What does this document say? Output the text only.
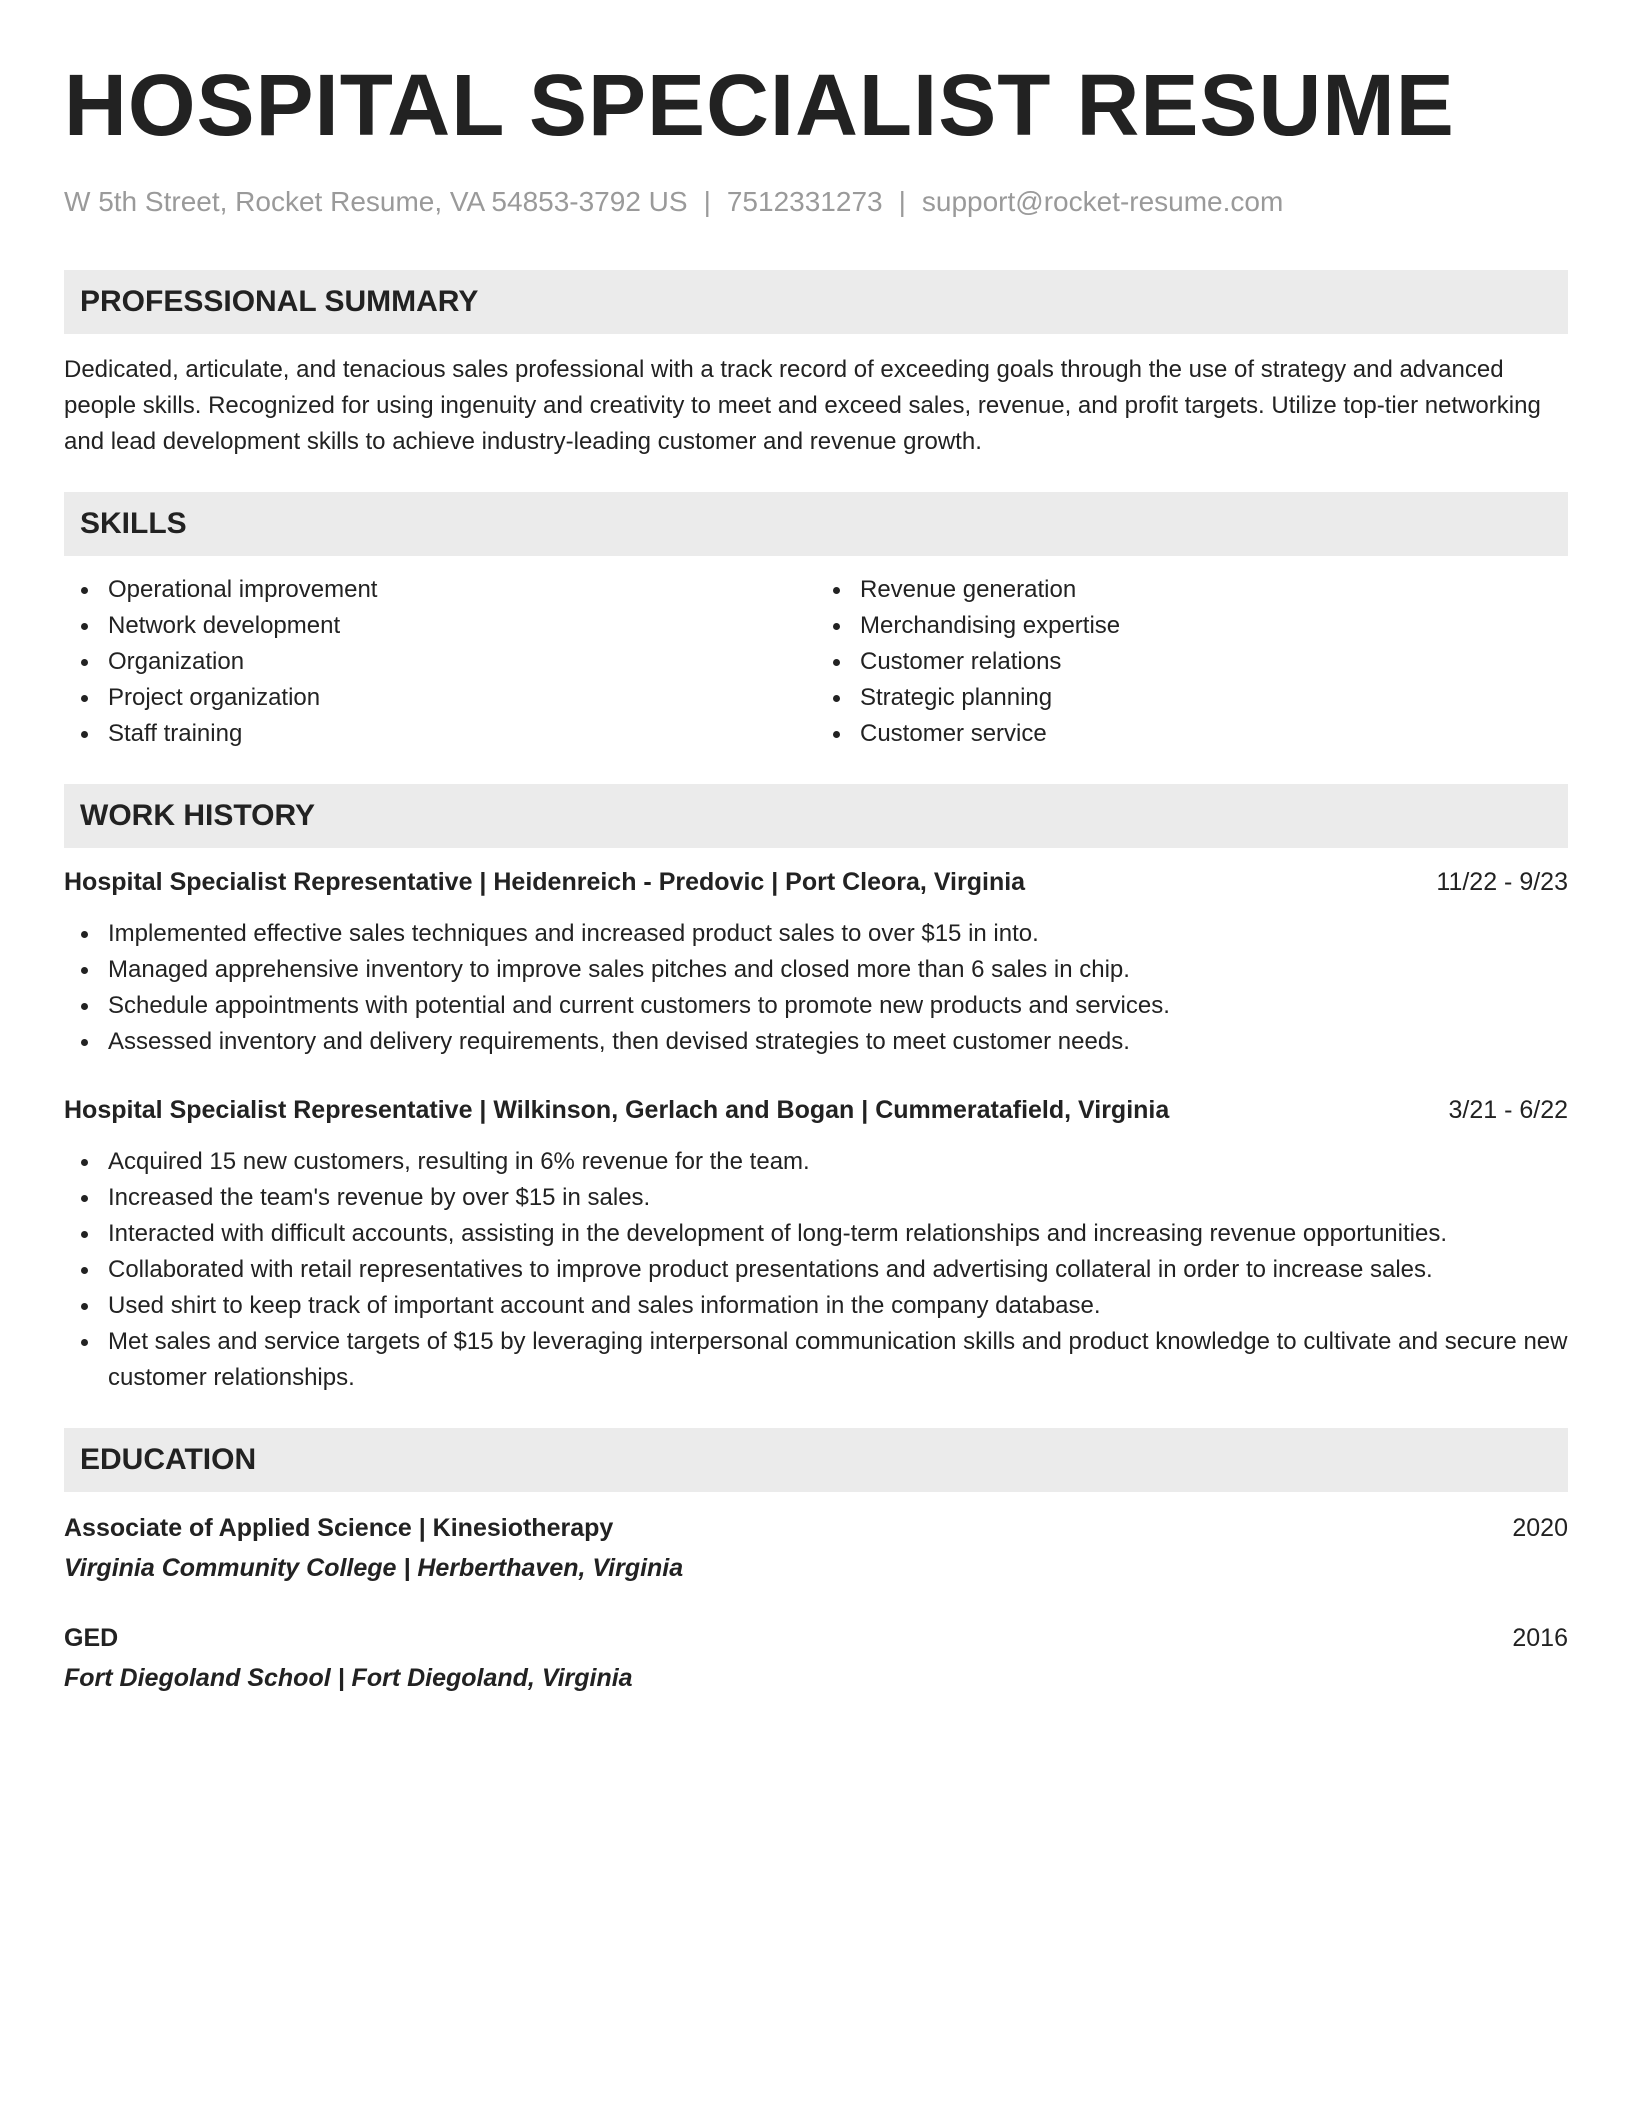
HOSPITAL SPECIALIST RESUME
W 5th Street, Rocket Resume, VA 54853-3792 US | 7512331273 | support@rocket-resume.com
PROFESSIONAL SUMMARY
Dedicated, articulate, and tenacious sales professional with a track record of exceeding goals through the use of strategy and advanced people skills. Recognized for using ingenuity and creativity to meet and exceed sales, revenue, and profit targets. Utilize top-tier networking and lead development skills to achieve industry-leading customer and revenue growth.
SKILLS
Operational improvement
Network development
Organization
Project organization
Staff training
Revenue generation
Merchandising expertise
Customer relations
Strategic planning
Customer service
WORK HISTORY
Hospital Specialist Representative | Heidenreich - Predovic | Port Cleora, Virginia	11/22 - 9/23
Implemented effective sales techniques and increased product sales to over $15 in into.
Managed apprehensive inventory to improve sales pitches and closed more than 6 sales in chip.
Schedule appointments with potential and current customers to promote new products and services.
Assessed inventory and delivery requirements, then devised strategies to meet customer needs.
Hospital Specialist Representative | Wilkinson, Gerlach and Bogan | Cummeratafield, Virginia	3/21 - 6/22
Acquired 15 new customers, resulting in 6% revenue for the team.
Increased the team's revenue by over $15 in sales.
Interacted with difficult accounts, assisting in the development of long-term relationships and increasing revenue opportunities.
Collaborated with retail representatives to improve product presentations and advertising collateral in order to increase sales.
Used shirt to keep track of important account and sales information in the company database.
Met sales and service targets of $15 by leveraging interpersonal communication skills and product knowledge to cultivate and secure new customer relationships.
EDUCATION
Associate of Applied Science | Kinesiotherapy	2020
Virginia Community College | Herberthaven, Virginia
GED	2016
Fort Diegoland School | Fort Diegoland, Virginia
